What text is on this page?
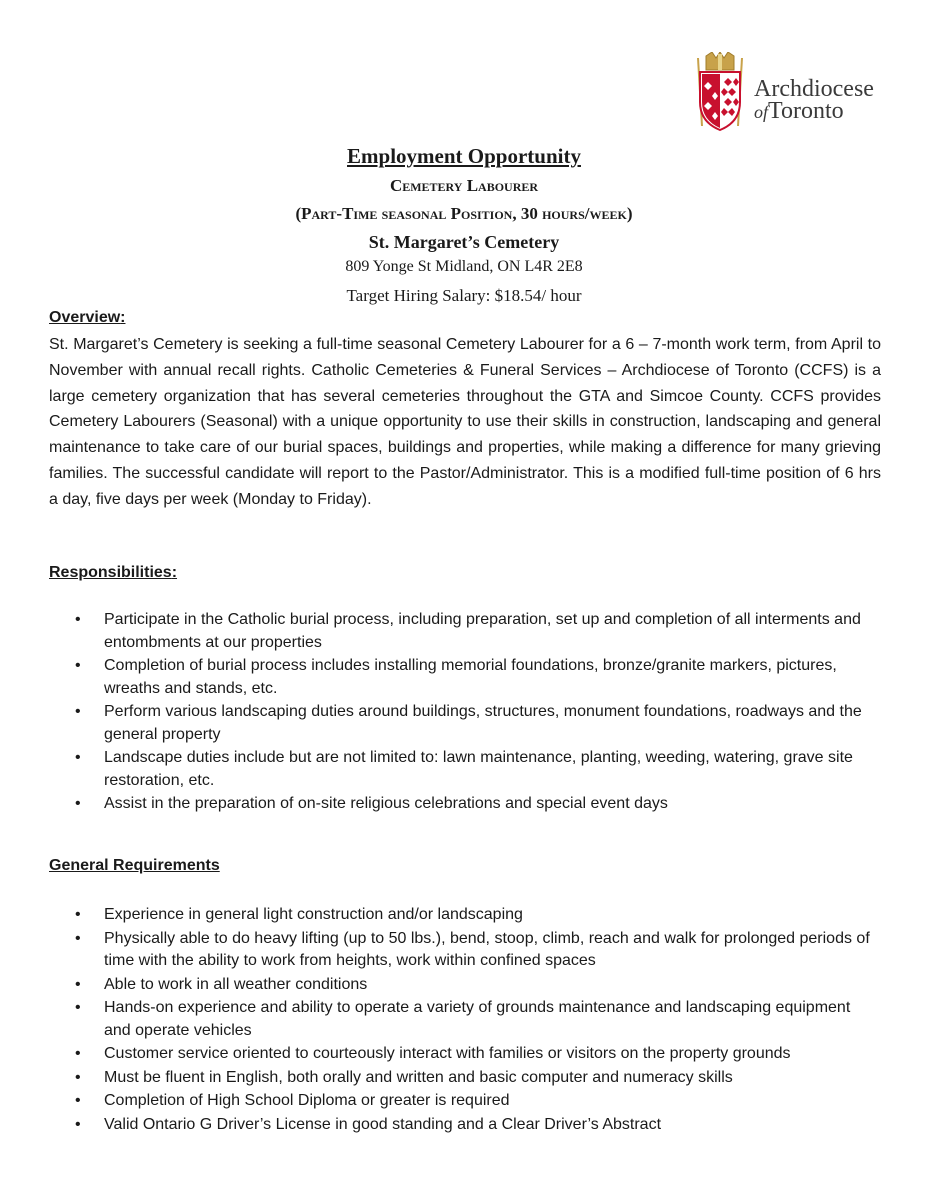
Archdiocese
ofToronto
Employment Opportunity
Cemetery Labourer
(Part-Time seasonal Position, 30 hours/week)
St. Margaret’s Cemetery
809 Yonge St Midland, ON L4R 2E8
Target Hiring Salary: $18.54/ hour
Overview:
St. Margaret’s Cemetery is seeking a full-time seasonal Cemetery Labourer for a 6 – 7-month work term, from April to November with annual recall rights. Catholic Cemeteries & Funeral Services – Archdiocese of Toronto (CCFS) is a large cemetery organization that has several cemeteries throughout the GTA and Simcoe County. CCFS provides Cemetery Labourers (Seasonal) with a unique opportunity to use their skills in construction, landscaping and general maintenance to take care of our burial spaces, buildings and properties, while making a difference for many grieving families. The successful candidate will report to the Pastor/Administrator. This is a modified full-time position of 6 hrs a day, five days per week (Monday to Friday).
Responsibilities:
• Participate in the Catholic burial process, including preparation, set up and completion of all interments and entombments at our properties
• Completion of burial process includes installing memorial foundations, bronze/granite markers, pictures, wreaths and stands, etc.
• Perform various landscaping duties around buildings, structures, monument foundations, roadways and the general property
• Landscape duties include but are not limited to: lawn maintenance, planting, weeding, watering, grave site restoration, etc.
• Assist in the preparation of on-site religious celebrations and special event days
General Requirements
• Experience in general light construction and/or landscaping
• Physically able to do heavy lifting (up to 50 lbs.), bend, stoop, climb, reach and walk for prolonged periods of time with the ability to work from heights, work within confined spaces
• Able to work in all weather conditions
• Hands-on experience and ability to operate a variety of grounds maintenance and landscaping equipment and operate vehicles
• Customer service oriented to courteously interact with families or visitors on the property grounds
• Must be fluent in English, both orally and written and basic computer and numeracy skills
• Completion of High School Diploma or greater is required
• Valid Ontario G Driver’s License in good standing and a Clear Driver’s Abstract
